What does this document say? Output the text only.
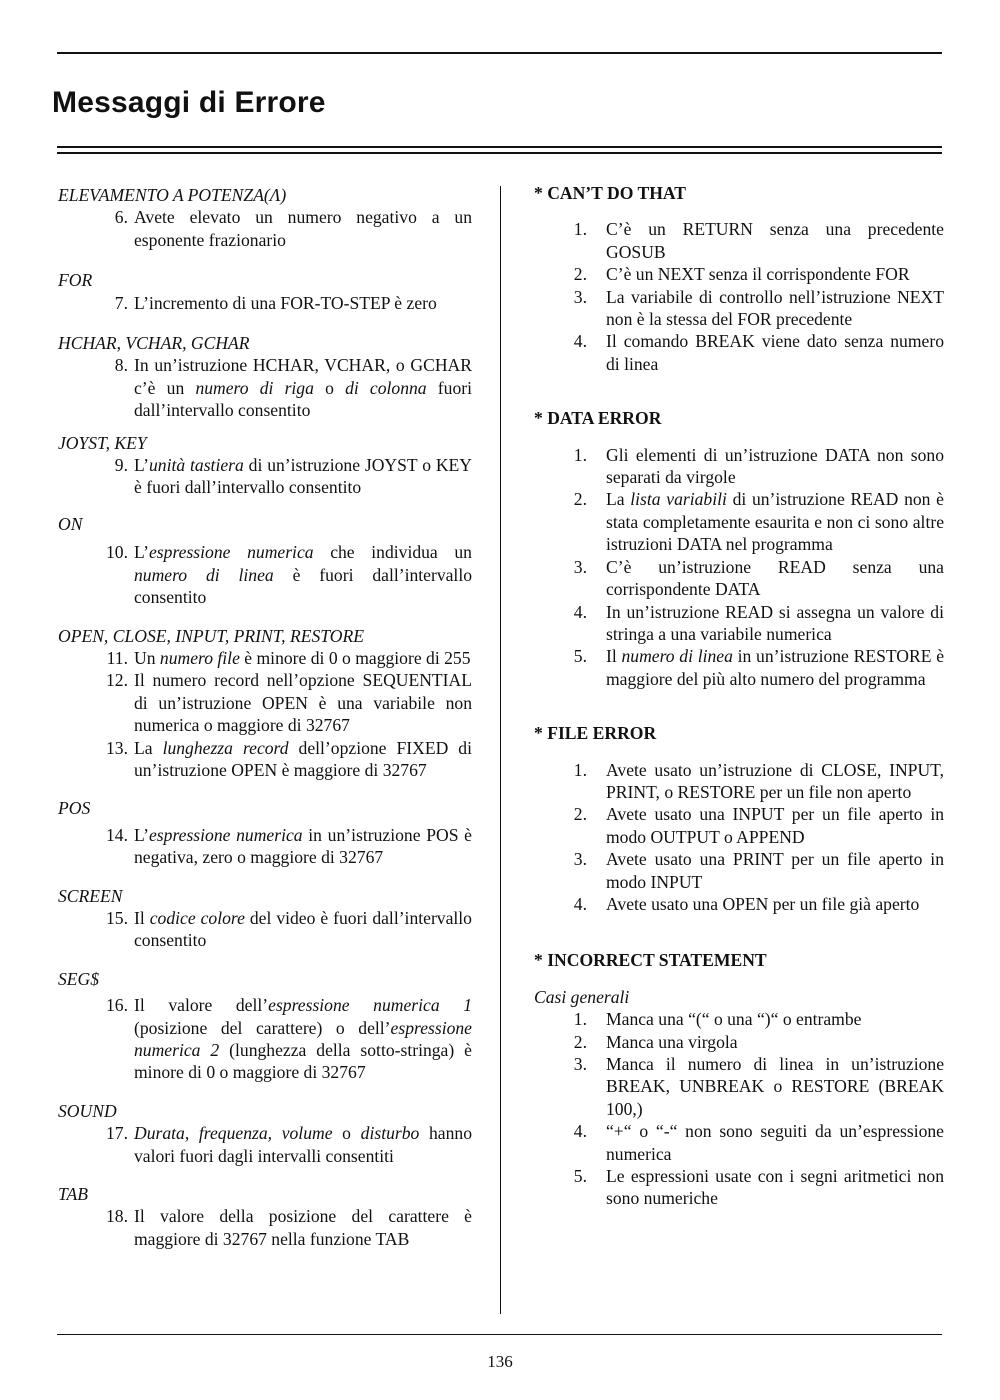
Messaggi di Errore

ELEVAMENTO A POTENZA(Λ)

6. Avete elevato un numero negativo a un esponente frazionario

FOR

7. L’incremento di una FOR-TO-STEP è zero

HCHAR, VCHAR, GCHAR

8. In un’istruzione HCHAR, VCHAR, o GCHAR c’è un numero di riga o di colonna fuori dall’intervallo consentito

JOYST, KEY

9. L’unità tastiera di un’istruzione JOYST o KEY è fuori dall’intervallo consentito

ON

10. L’espressione numerica che individua un numero di linea è fuori dall’intervallo consentito

OPEN, CLOSE, INPUT, PRINT, RESTORE

11. Un numero file è minore di 0 o maggiore di 255
12. Il numero record nell’opzione SEQUENTIAL di un’istruzione OPEN è una variabile non numerica o maggiore di 32767
13. La lunghezza record dell’opzione FIXED di un’istruzione OPEN è maggiore di 32767

POS

14. L’espressione numerica in un’istruzione POS è negativa, zero o maggiore di 32767

SCREEN

15. Il codice colore del video è fuori dall’intervallo consentito

SEG$

16. Il valore dell’espressione numerica 1 (posizione del carattere) o dell’espressione numerica 2 (lunghezza della sotto-stringa) è minore di 0 o maggiore di 32767

SOUND

17. Durata, frequenza, volume o disturbo hanno valori fuori dagli intervalli consentiti

TAB

18. Il valore della posizione del carattere è maggiore di 32767 nella funzione TAB

* CAN’T DO THAT

1.	C’è un RETURN senza una precedente GOSUB
2.	C’è un NEXT senza il corrispondente FOR
3.	La variabile di controllo nell’istruzione NEXT non è la stessa del FOR precedente
4.	Il comando BREAK viene dato senza numero di linea

* DATA ERROR

1.	Gli elementi di un’istruzione DATA non sono separati da virgole
2.	La lista variabili di un’istruzione READ non è stata completamente esaurita e non ci sono altre istruzioni DATA nel programma
3.	C’è un’istruzione READ senza una corrispondente DATA
4.	In un’istruzione READ si assegna un valore di stringa a una variabile numerica
5.	Il numero di linea in un’istruzione RESTORE è maggiore del più alto numero del programma

* FILE ERROR

1.	Avete usato un’istruzione di CLOSE, INPUT, PRINT, o RESTORE per un file non aperto
2.	Avete usato una INPUT per un file aperto in modo OUTPUT o APPEND
3.	Avete usato una PRINT per un file aperto in modo INPUT
4.	Avete usato una OPEN per un file già aperto

* INCORRECT STATEMENT

Casi generali

1.	Manca una “(“ o una “)“ o entrambe
2.	Manca una virgola
3.	Manca il numero di linea in un’istruzione BREAK, UNBREAK o RESTORE (BREAK 100,)
4.	“+“ o “-“ non sono seguiti da un’espressione numerica
5.	Le espressioni usate con i segni aritmetici non sono numeriche
136
